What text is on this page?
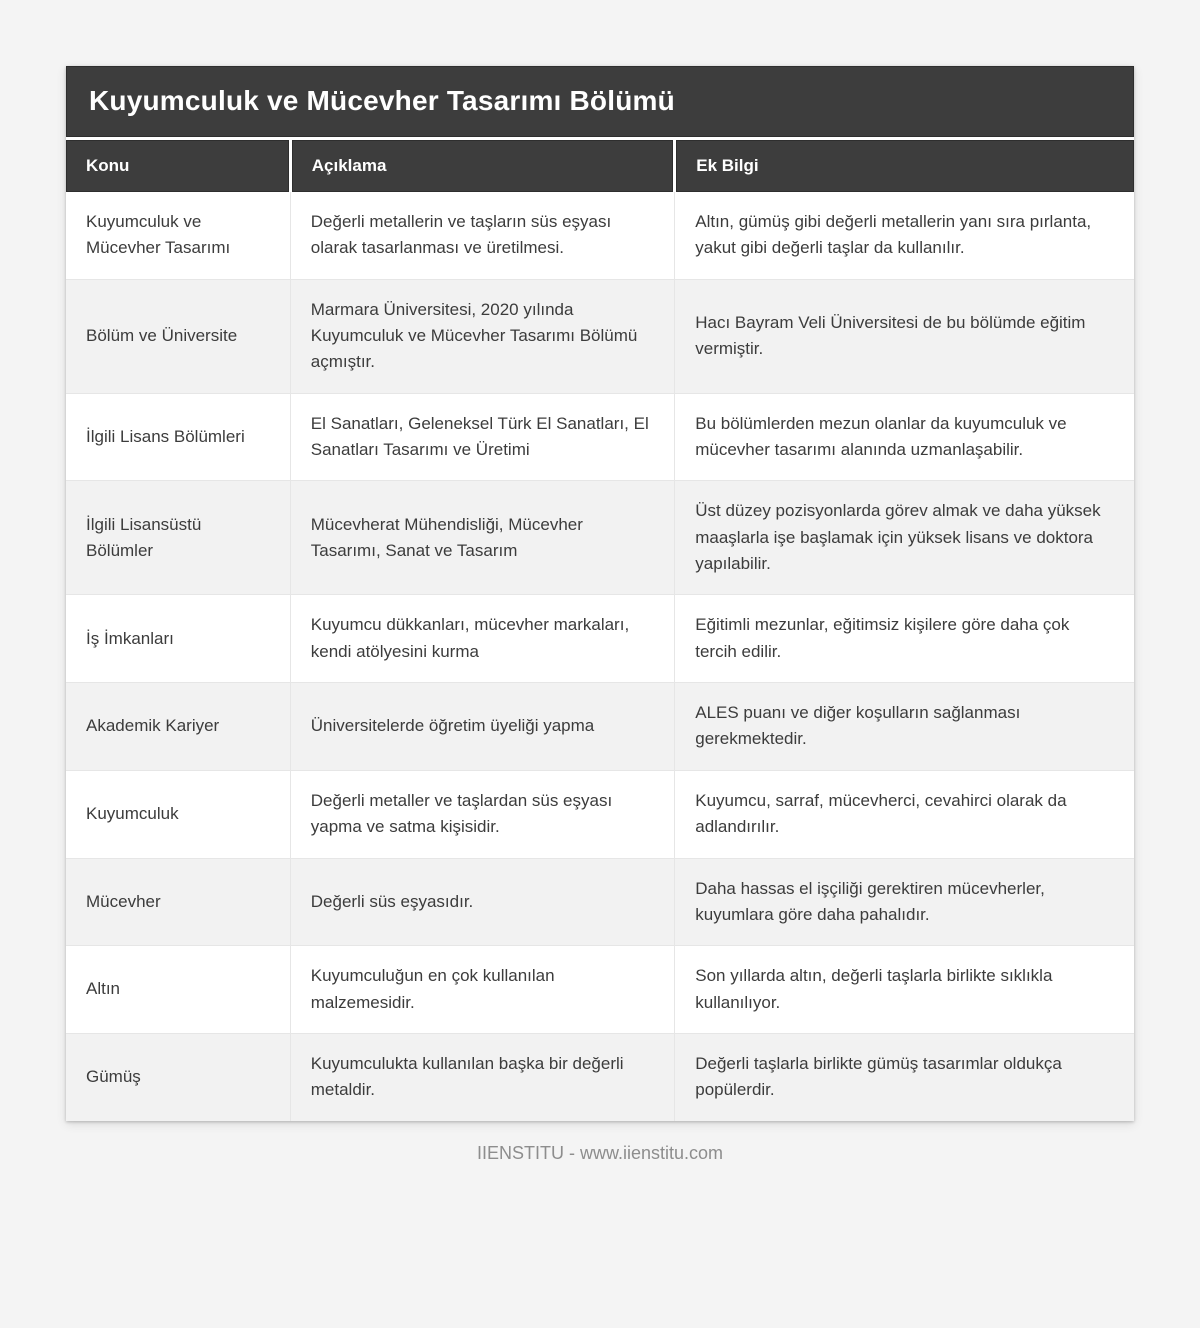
Kuyumculuk ve Mücevher Tasarımı Bölümü
Konu	Açıklama	Ek Bilgi
Kuyumculuk ve Mücevher Tasarımı	Değerli metallerin ve taşların süs eşyası olarak tasarlanması ve üretilmesi.	Altın, gümüş gibi değerli metallerin yanı sıra pırlanta, yakut gibi değerli taşlar da kullanılır.
Bölüm ve Üniversite	Marmara Üniversitesi, 2020 yılında Kuyumculuk ve Mücevher Tasarımı Bölümü açmıştır.	Hacı Bayram Veli Üniversitesi de bu bölümde eğitim vermiştir.
İlgili Lisans Bölümleri	El Sanatları, Geleneksel Türk El Sanatları, El Sanatları Tasarımı ve Üretimi	Bu bölümlerden mezun olanlar da kuyumculuk ve mücevher tasarımı alanında uzmanlaşabilir.
İlgili Lisansüstü Bölümler	Mücevherat Mühendisliği, Mücevher Tasarımı, Sanat ve Tasarım	Üst düzey pozisyonlarda görev almak ve daha yüksek maaşlarla işe başlamak için yüksek lisans ve doktora yapılabilir.
İş İmkanları	Kuyumcu dükkanları, mücevher markaları, kendi atölyesini kurma	Eğitimli mezunlar, eğitimsiz kişilere göre daha çok tercih edilir.
Akademik Kariyer	Üniversitelerde öğretim üyeliği yapma	ALES puanı ve diğer koşulların sağlanması gerekmektedir.
Kuyumculuk	Değerli metaller ve taşlardan süs eşyası yapma ve satma kişisidir.	Kuyumcu, sarraf, mücevherci, cevahirci olarak da adlandırılır.
Mücevher	Değerli süs eşyasıdır.	Daha hassas el işçiliği gerektiren mücevherler, kuyumlara göre daha pahalıdır.
Altın	Kuyumculuğun en çok kullanılan malzemesidir.	Son yıllarda altın, değerli taşlarla birlikte sıklıkla kullanılıyor.
Gümüş	Kuyumculukta kullanılan başka bir değerli metaldir.	Değerli taşlarla birlikte gümüş tasarımlar oldukça popülerdir.
IIENSTITU - www.iienstitu.com
